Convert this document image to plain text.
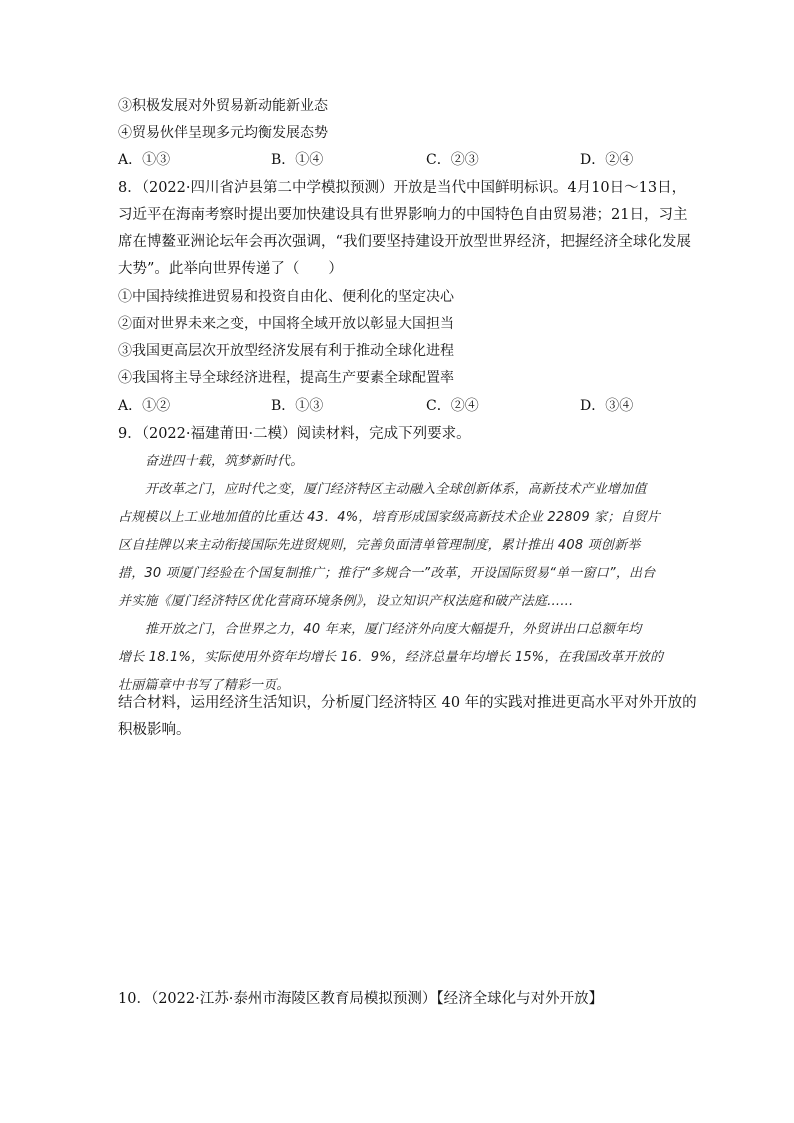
③积极发展对外贸易新动能新业态
④贸易伙伴呈现多元均衡发展态势
A．①③	B．①④	C．②③	D．②④
8．（2022·四川省泸县第二中学模拟预测）开放是当代中国鲜明标识。4月10日～13日，
习近平在海南考察时提出要加快建设具有世界影响力的中国特色自由贸易港；21日，习主
席在博鳌亚洲论坛年会再次强调，“我们要坚持建设开放型世界经济，把握经济全球化发展
大势”。此举向世界传递了（　　）
①中国持续推进贸易和投资自由化、便利化的坚定决心
②面对世界未来之变，中国将全域开放以彰显大国担当
③我国更高层次开放型经济发展有利于推动全球化进程
④我国将主导全球经济进程，提高生产要素全球配置率
A．①②	B．①③	C．②④	D．③④
9．（2022·福建莆田·二模）阅读材料，完成下列要求。
奋进四十载，筑梦新时代。
开改革之门，应时代之变，厦门经济特区主动融入全球创新体系，高新技术产业增加值
占规模以上工业地加值的比重达 43．4%，培育形成国家级高新技术企业 22809 家；自贸片
区自挂牌以来主动衔接国际先进贸规则，完善负面清单管理制度，累计推出 408 项创新举
措，30 项厦门经验在个国复制推广；推行“多规合一”改革，开设国际贸易“单一窗口”，出台
并实施《厦门经济特区优化营商环境条例》，设立知识产权法庭和破产法庭……
推开放之门，合世界之力，40 年来，厦门经济外向度大幅提升，外贸讲出口总额年均
增长 18.1%，实际使用外资年均增长 16．9%，经济总量年均增长 15%，在我国改革开放的
壮丽篇章中书写了精彩一页。
结合材料，运用经济生活知识，分析厦门经济特区 40 年的实践对推进更高水平对外开放的
积极影响。
10．（2022·江苏·泰州市海陵区教育局模拟预测）【经济全球化与对外开放】
